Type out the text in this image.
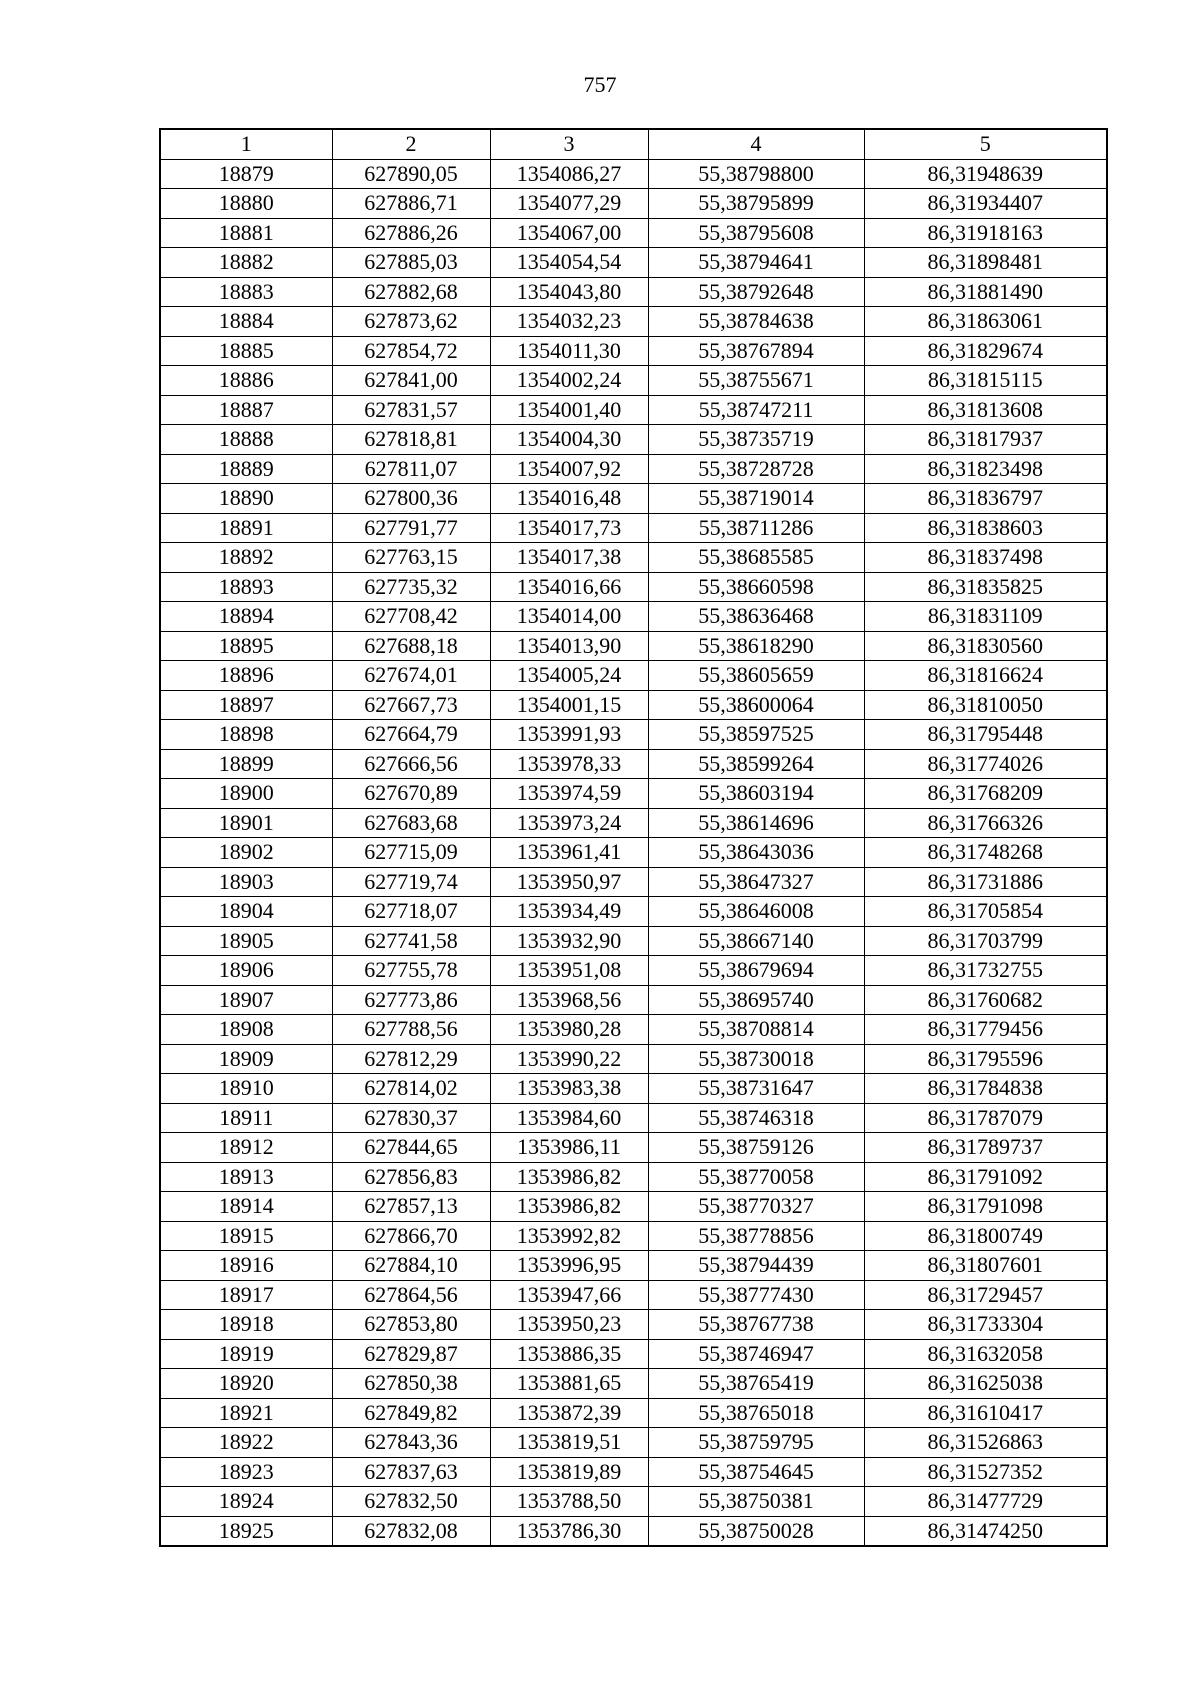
757
1	2	3	4	5
18879	627890,05	1354086,27	55,38798800	86,31948639
18880	627886,71	1354077,29	55,38795899	86,31934407
18881	627886,26	1354067,00	55,38795608	86,31918163
18882	627885,03	1354054,54	55,38794641	86,31898481
18883	627882,68	1354043,80	55,38792648	86,31881490
18884	627873,62	1354032,23	55,38784638	86,31863061
18885	627854,72	1354011,30	55,38767894	86,31829674
18886	627841,00	1354002,24	55,38755671	86,31815115
18887	627831,57	1354001,40	55,38747211	86,31813608
18888	627818,81	1354004,30	55,38735719	86,31817937
18889	627811,07	1354007,92	55,38728728	86,31823498
18890	627800,36	1354016,48	55,38719014	86,31836797
18891	627791,77	1354017,73	55,38711286	86,31838603
18892	627763,15	1354017,38	55,38685585	86,31837498
18893	627735,32	1354016,66	55,38660598	86,31835825
18894	627708,42	1354014,00	55,38636468	86,31831109
18895	627688,18	1354013,90	55,38618290	86,31830560
18896	627674,01	1354005,24	55,38605659	86,31816624
18897	627667,73	1354001,15	55,38600064	86,31810050
18898	627664,79	1353991,93	55,38597525	86,31795448
18899	627666,56	1353978,33	55,38599264	86,31774026
18900	627670,89	1353974,59	55,38603194	86,31768209
18901	627683,68	1353973,24	55,38614696	86,31766326
18902	627715,09	1353961,41	55,38643036	86,31748268
18903	627719,74	1353950,97	55,38647327	86,31731886
18904	627718,07	1353934,49	55,38646008	86,31705854
18905	627741,58	1353932,90	55,38667140	86,31703799
18906	627755,78	1353951,08	55,38679694	86,31732755
18907	627773,86	1353968,56	55,38695740	86,31760682
18908	627788,56	1353980,28	55,38708814	86,31779456
18909	627812,29	1353990,22	55,38730018	86,31795596
18910	627814,02	1353983,38	55,38731647	86,31784838
18911	627830,37	1353984,60	55,38746318	86,31787079
18912	627844,65	1353986,11	55,38759126	86,31789737
18913	627856,83	1353986,82	55,38770058	86,31791092
18914	627857,13	1353986,82	55,38770327	86,31791098
18915	627866,70	1353992,82	55,38778856	86,31800749
18916	627884,10	1353996,95	55,38794439	86,31807601
18917	627864,56	1353947,66	55,38777430	86,31729457
18918	627853,80	1353950,23	55,38767738	86,31733304
18919	627829,87	1353886,35	55,38746947	86,31632058
18920	627850,38	1353881,65	55,38765419	86,31625038
18921	627849,82	1353872,39	55,38765018	86,31610417
18922	627843,36	1353819,51	55,38759795	86,31526863
18923	627837,63	1353819,89	55,38754645	86,31527352
18924	627832,50	1353788,50	55,38750381	86,31477729
18925	627832,08	1353786,30	55,38750028	86,31474250
